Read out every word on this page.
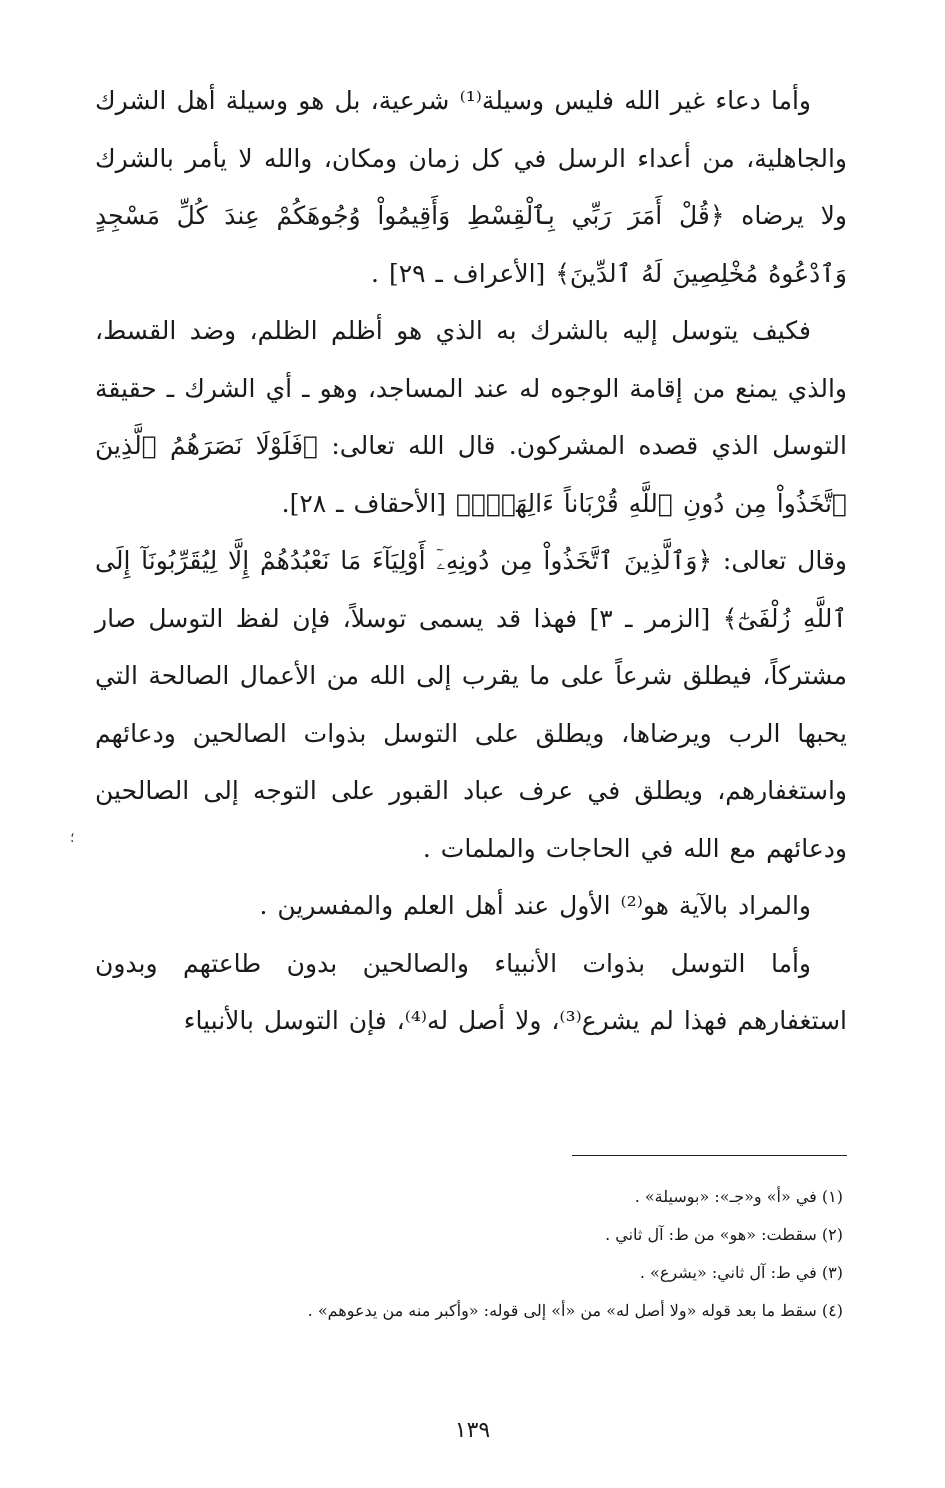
وأما دعاء غير الله فليس وسيلة⁽¹⁾ شرعية، بل هو وسيلة أهل الشرك والجاهلية، من أعداء الرسل في كل زمان ومكان، والله لا يأمر بالشرك ولا يرضاه ﴿قُلْ أَمَرَ رَبِّي بِٱلْقِسْطِ وَأَقِيمُواْ وُجُوهَكُمْ عِندَ كُلِّ مَسْجِدٍ وَٱدْعُوهُ مُخْلِصِينَ لَهُ ٱلدِّينَ﴾ [الأعراف ـ ٢٩] .

فكيف يتوسل إليه بالشرك به الذي هو أظلم الظلم، وضد القسط، والذي يمنع من إقامة الوجوه له عند المساجد، وهو ـ أي الشرك ـ حقيقة التوسل الذي قصده المشركون. قال الله تعالى: ﴿فَلَوْلَا نَصَرَهُمُ ٱلَّذِينَ ٱتَّخَذُواْ مِن دُونِ ٱللَّهِ قُرْبَاناً ءَالِهَةَۢ﴾ [الأحقاف ـ ٢٨].

وقال تعالى: ﴿وَٱلَّذِينَ ٱتَّخَذُواْ مِن دُونِهِۦٓ أَوْلِيَآءَ مَا نَعْبُدُهُمْ إِلَّا لِيُقَرِّبُونَآ إِلَى ٱللَّهِ زُلْفَىٰٓ﴾ [الزمر ـ ٣] فهذا قد يسمى توسلاً، فإن لفظ التوسل صار مشتركاً، فيطلق شرعاً على ما يقرب إلى الله من الأعمال الصالحة التي يحبها الرب ويرضاها، ويطلق على التوسل بذوات الصالحين ودعائهم واستغفارهم، ويطلق في عرف عباد القبور على التوجه إلى الصالحين ودعائهم مع الله في الحاجات والملمات .

والمراد بالآية هو⁽²⁾ الأول عند أهل العلم والمفسرين .

وأما التوسل بذوات الأنبياء والصالحين بدون طاعتهم وبدون استغفارهم فهذا لم يشرع⁽³⁾، ولا أصل له⁽⁴⁾، فإن التوسل بالأنبياء

؛

(١) في «أ» و«جـ»: «بوسيلة» .

(٢) سقطت: «هو» من ط: آل ثاني .

(٣) في ط: آل ثاني: «يشرع» .

(٤) سقط ما بعد قوله «ولا أصل له» من «أ» إلى قوله: «وأكبر منه من يدعوهم» .

١٣٩
